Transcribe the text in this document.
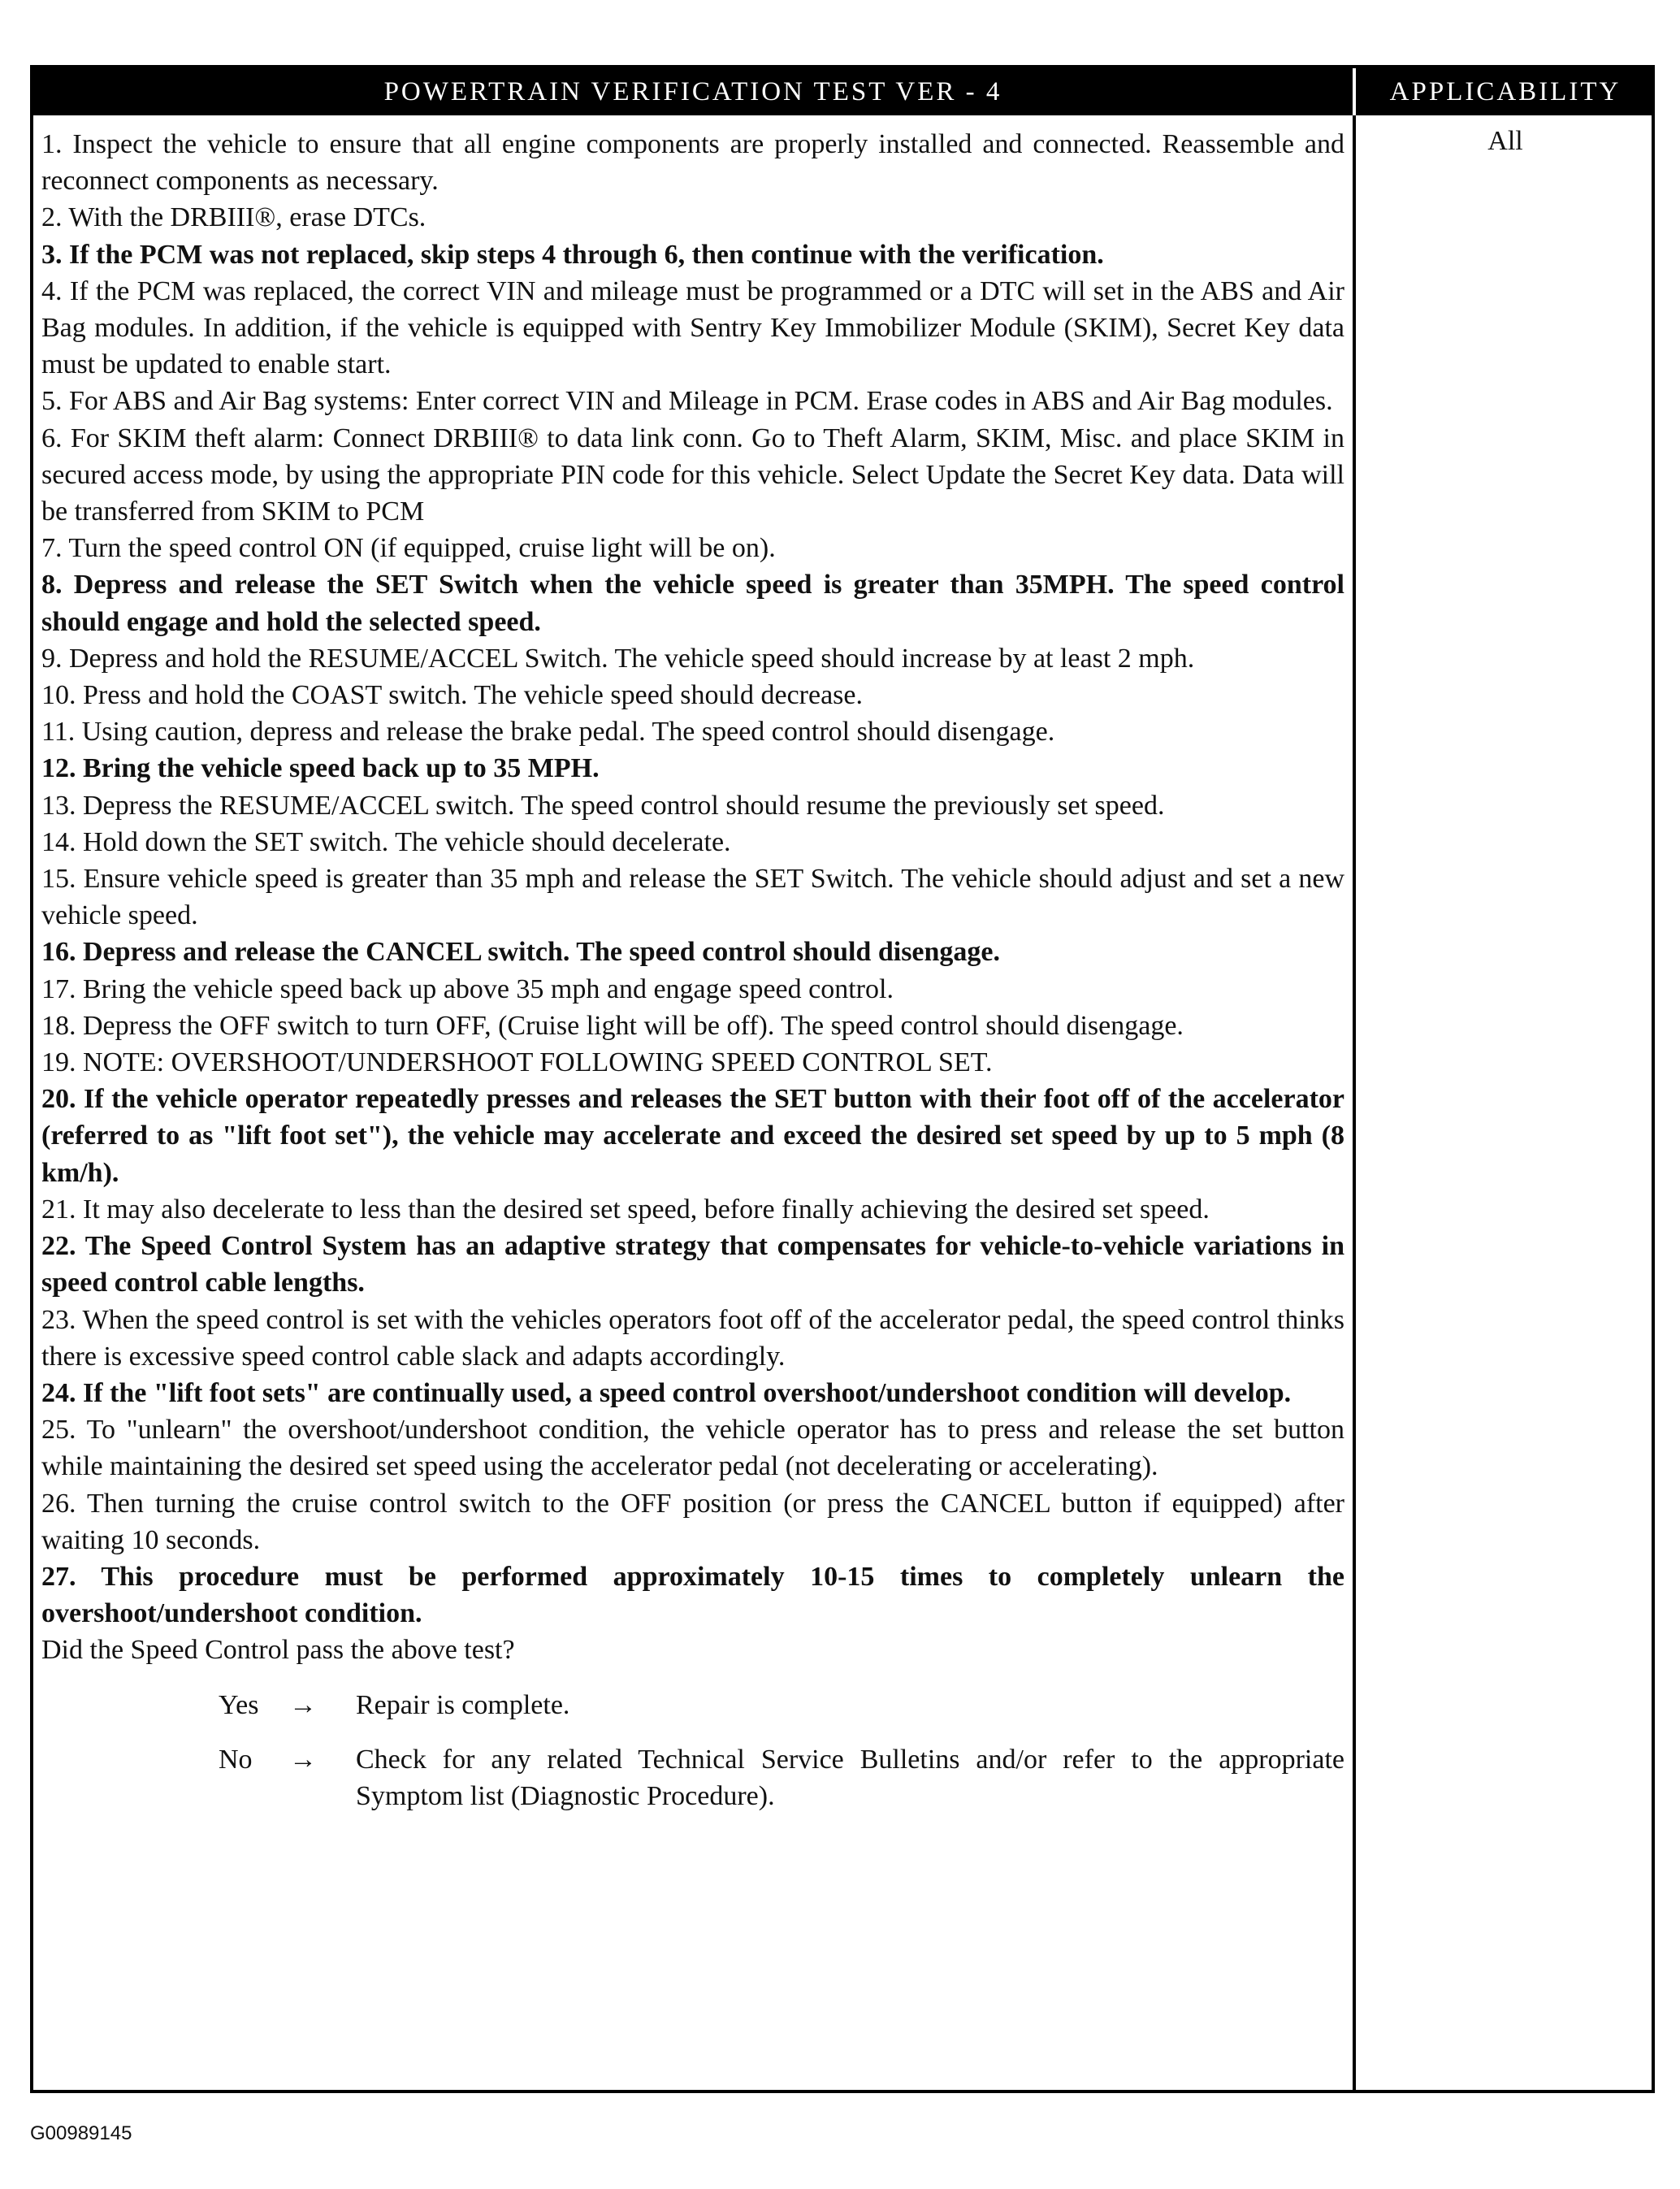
POWERTRAIN VERIFICATION TEST VER - 4	APPLICABILITY

1. Inspect the vehicle to ensure that all engine components are properly installed and connected. Reassemble and reconnect components as necessary.

2. With the DRBIII®, erase DTCs.

3. If the PCM was not replaced, skip steps 4 through 6, then continue with the verification.

4. If the PCM was replaced, the correct VIN and mileage must be programmed or a DTC will set in the ABS and Air Bag modules. In addition, if the vehicle is equipped with Sentry Key Immobilizer Module (SKIM), Secret Key data must be updated to enable start.

5. For ABS and Air Bag systems: Enter correct VIN and Mileage in PCM. Erase codes in ABS and Air Bag modules.

6. For SKIM theft alarm: Connect DRBIII® to data link conn. Go to Theft Alarm, SKIM, Misc. and place SKIM in secured access mode, by using the appropriate PIN code for this vehicle. Select Update the Secret Key data. Data will be transferred from SKIM to PCM

7. Turn the speed control ON (if equipped, cruise light will be on).

8. Depress and release the SET Switch when the vehicle speed is greater than 35MPH. The speed control should engage and hold the selected speed.

9. Depress and hold the RESUME/ACCEL Switch. The vehicle speed should increase by at least 2 mph.

10. Press and hold the COAST switch. The vehicle speed should decrease.

11. Using caution, depress and release the brake pedal. The speed control should disengage.

12. Bring the vehicle speed back up to 35 MPH.

13. Depress the RESUME/ACCEL switch. The speed control should resume the previously set speed.

14. Hold down the SET switch. The vehicle should decelerate.

15. Ensure vehicle speed is greater than 35 mph and release the SET Switch. The vehicle should adjust and set a new vehicle speed.

16. Depress and release the CANCEL switch. The speed control should disengage.

17. Bring the vehicle speed back up above 35 mph and engage speed control.

18. Depress the OFF switch to turn OFF, (Cruise light will be off). The speed control should disengage.

19. NOTE: OVERSHOOT/UNDERSHOOT FOLLOWING SPEED CONTROL SET.

20. If the vehicle operator repeatedly presses and releases the SET button with their foot off of the accelerator (referred to as "lift foot set"), the vehicle may accelerate and exceed the desired set speed by up to 5 mph (8 km/h).

21. It may also decelerate to less than the desired set speed, before finally achieving the desired set speed.

22. The Speed Control System has an adaptive strategy that compensates for vehicle-to-vehicle variations in speed control cable lengths.

23. When the speed control is set with the vehicles operators foot off of the accelerator pedal, the speed control thinks there is excessive speed control cable slack and adapts accordingly.

24. If the "lift foot sets" are continually used, a speed control overshoot/undershoot condition will develop.

25. To "unlearn" the overshoot/undershoot condition, the vehicle operator has to press and release the set button while maintaining the desired set speed using the accelerator pedal (not decelerating or accelerating).

26. Then turning the cruise control switch to the OFF position (or press the CANCEL button if equipped) after waiting 10 seconds.

27. This procedure must be performed approximately 10-15 times to completely unlearn the overshoot/undershoot condition.

Did the Speed Control pass the above test?

Yes → Repair is complete.
No → Check for any related Technical Service Bulletins and/or refer to the appropriate Symptom list (Diagnostic Procedure).
All
G00989145
